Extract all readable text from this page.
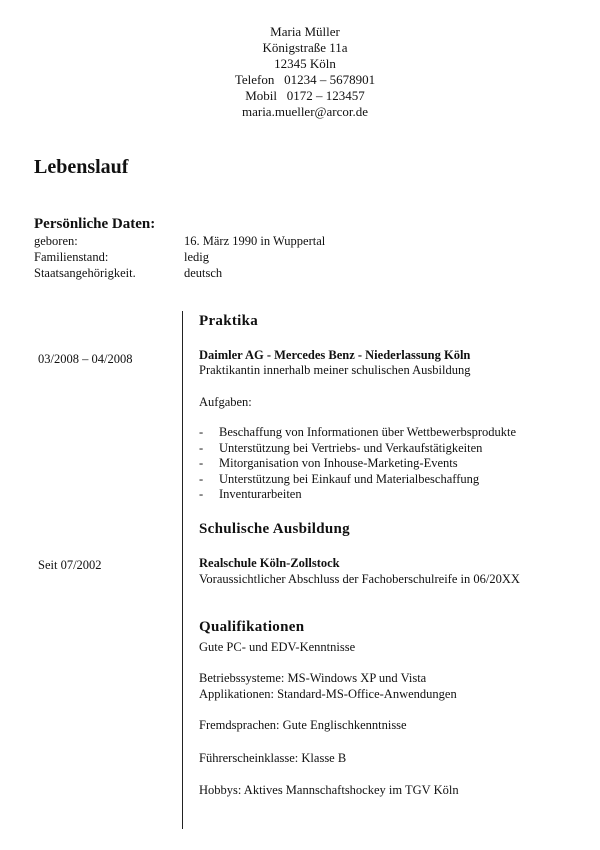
Maria Müller
Königstraße 11a
12345 Köln
Telefon   01234 – 5678901
Mobil   0172 – 123457
maria.mueller@arcor.de
Lebenslauf
Persönliche Daten:
geboren:	16. März 1990 in Wuppertal
Familienstand:	ledig
Staatsangehörigkeit.	deutsch
Praktika
03/2008 – 04/2008	Daimler AG - Mercedes Benz - Niederlassung Köln
Praktikantin innerhalb meiner schulischen Ausbildung
Aufgaben:
- Beschaffung von Informationen über Wettbewerbsprodukte
- Unterstützung bei Vertriebs- und Verkaufstätigkeiten
- Mitorganisation von Inhouse-Marketing-Events
- Unterstützung bei Einkauf und Materialbeschaffung
- Inventurarbeiten
Schulische Ausbildung
Seit 07/2002	Realschule Köln-Zollstock
Voraussichtlicher Abschluss der Fachoberschulreife in 06/20XX
Qualifikationen
Gute PC- und EDV-Kenntnisse
Betriebssysteme: MS-Windows XP und Vista
Applikationen: Standard-MS-Office-Anwendungen
Fremdsprachen: Gute Englischkenntnisse
Führerscheinklasse: Klasse B
Hobbys: Aktives Mannschaftshockey im TGV Köln
